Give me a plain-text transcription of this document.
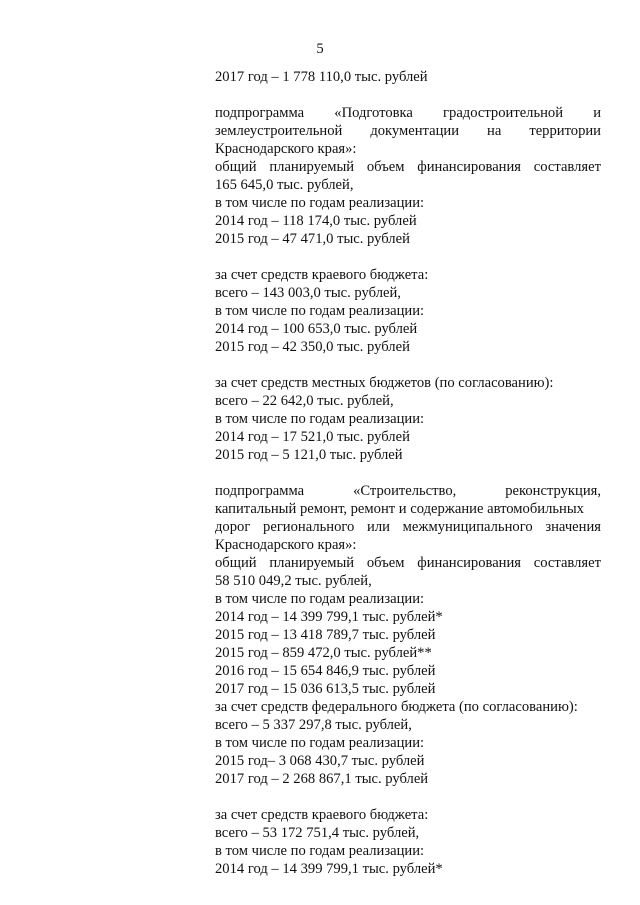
5
2017 год – 1 778 110,0 тыс. рублей
подпрограмма «Подготовка градостроительной и
землеустроительной документации на территории
Краснодарского края»:
общий планируемый объем финансирования составляет
165 645,0 тыс. рублей,
в том числе по годам реализации:
2014 год – 118 174,0 тыс. рублей
2015 год – 47 471,0 тыс. рублей
за счет средств краевого бюджета:
всего – 143 003,0 тыс. рублей,
в том числе по годам реализации:
2014 год – 100 653,0 тыс. рублей
2015 год – 42 350,0 тыс. рублей
за счет средств местных бюджетов (по согласованию):
всего – 22 642,0 тыс. рублей,
в том числе по годам реализации:
2014 год – 17 521,0 тыс. рублей
2015 год – 5 121,0 тыс. рублей
подпрограмма	«Строительство,	реконструкция,
капитальный ремонт, ремонт и содержание автомобильных
дорог регионального или межмуниципального значения
Краснодарского края»:
общий планируемый объем финансирования составляет
58 510 049,2 тыс. рублей,
в том числе по годам реализации:
2014 год – 14 399 799,1 тыс. рублей*
2015 год – 13 418 789,7 тыс. рублей
2015 год – 859 472,0 тыс. рублей**
2016 год – 15 654 846,9 тыс. рублей
2017 год – 15 036 613,5 тыс. рублей
за счет средств федерального бюджета (по согласованию):
всего – 5 337 297,8 тыс. рублей,
в том числе по годам реализации:
2015 год– 3 068 430,7 тыс. рублей
2017 год – 2 268 867,1 тыс. рублей
за счет средств краевого бюджета:
всего – 53 172 751,4 тыс. рублей,
в том числе по годам реализации:
2014 год – 14 399 799,1 тыс. рублей*
